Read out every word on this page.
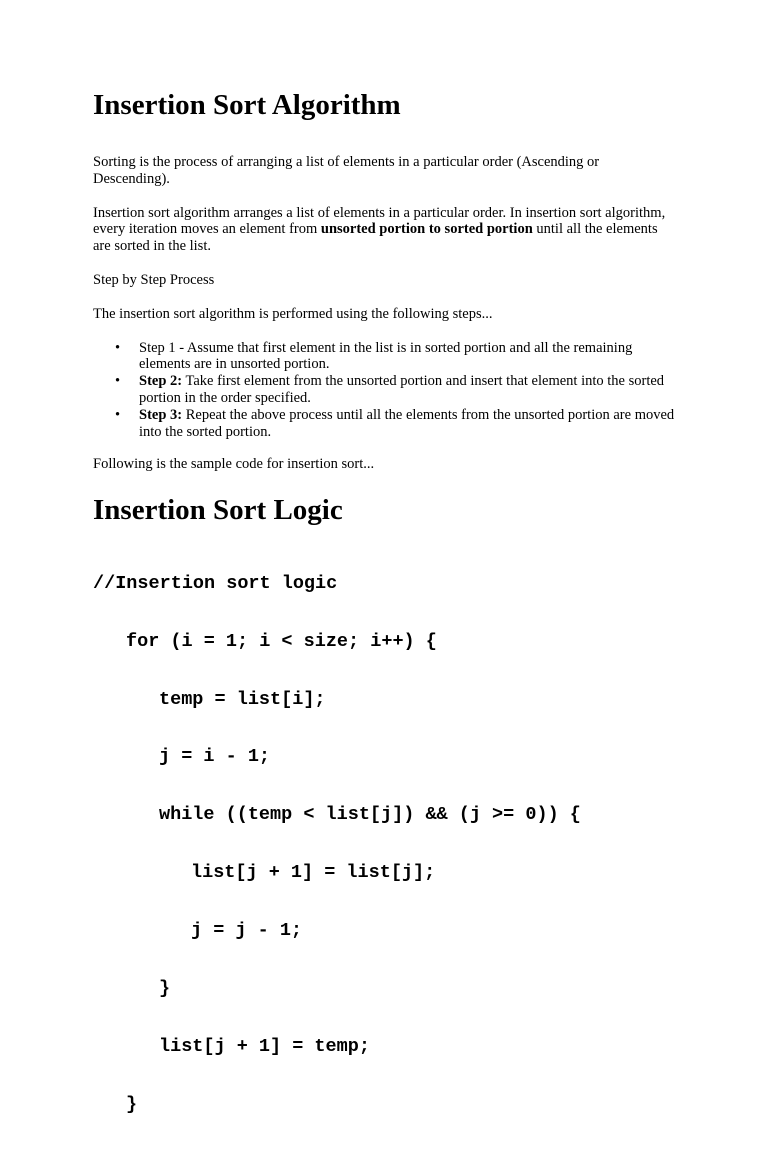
Insertion Sort Algorithm

Sorting is the process of arranging a list of elements in a particular order (Ascending or Descending).

Insertion sort algorithm arranges a list of elements in a particular order. In insertion sort algorithm, every iteration moves an element from unsorted portion to sorted portion until all the elements are sorted in the list.

Step by Step Process

The insertion sort algorithm is performed using the following steps...

• Step 1 - Assume that first element in the list is in sorted portion and all the remaining elements are in unsorted portion.
• Step 2: Take first element from the unsorted portion and insert that element into the sorted portion in the order specified.
• Step 3: Repeat the above process until all the elements from the unsorted portion are moved into the sorted portion.

Following is the sample code for insertion sort...

Insertion Sort Logic

//Insertion sort logic

for (i = 1; i < size; i++) {

temp = list[i];

j = i - 1;

while ((temp < list[j]) && (j >= 0)) {

list[j + 1] = list[j];

j = j - 1;

}

list[j + 1] = temp;

}
